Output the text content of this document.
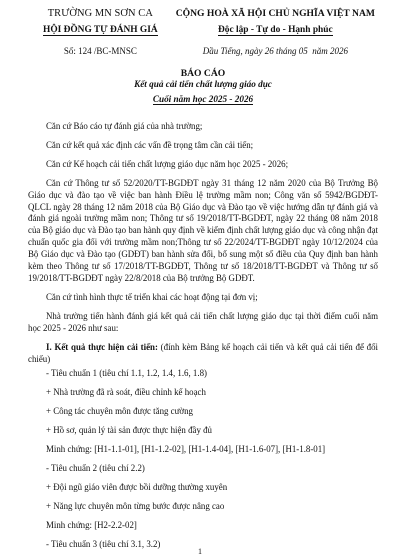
TRƯỜNG MN SƠN CA
HỘI ĐỒNG TỰ ĐÁNH GIÁ
CỘNG HOÀ XÃ HỘI CHỦ NGHĨA VIỆT NAM
Độc lập - Tự do - Hạnh phúc
Số: 124 /BC-MNSC	Dầu Tiếng, ngày 26 tháng 05 năm 2026
BÁO CÁO
Kết quả cải tiến chất lượng giáo dục
Cuối năm học 2025 - 2026

Căn cứ Báo cáo tự đánh giá của nhà trường;

Căn cứ kết quả xác định các vấn đề trọng tâm cần cải tiến;

Căn cứ Kế hoạch cải tiến chất lượng giáo dục năm học 2025 - 2026;

Căn cứ Thông tư số 52/2020/TT-BGDĐT ngày 31 tháng 12 năm 2020 của Bộ Trưởng Bộ Giáo dục và đào tạo về việc ban hành Điều lệ trường mầm non; Công văn số 5942/BGDĐT- QLCL ngày 28 tháng 12 năm 2018 của Bộ Giáo dục và Đào tạo về việc hướng dẫn tự đánh giá và đánh giá ngoài trường mầm non; Thông tư số 19/2018/TT-BGDĐT, ngày 22 tháng 08 năm 2018 của Bộ giáo dục và Đào tạo ban hành quy định về kiểm định chất lượng giáo dục và công nhận đạt chuẩn quốc gia đối với trường mầm non;Thông tư số 22/2024/TT-BGDĐT ngày 10/12/2024 của Bộ Giáo dục và Đào tạo (GDĐT) ban hành sửa đổi, bổ sung một số điều của Quy định ban hành kèm theo Thông tư số 17/2018/TT-BGDĐT, Thông tư số 18/2018/TT-BGDĐT và Thông tư số 19/2018/TT-BGDĐT ngày 22/8/2018 của Bộ trưởng Bộ GDĐT.

Căn cứ tình hình thực tế triển khai các hoạt động tại đơn vị;

Nhà trường tiến hành đánh giá kết quả cải tiến chất lượng giáo dục tại thời điểm cuối năm học 2025 - 2026 như sau:

I. Kết quả thực hiện cải tiến: (đính kèm Bảng kế hoạch cải tiến và kết quả cải tiến để đối chiếu)

- Tiêu chuẩn 1 (tiêu chí 1.1, 1.2, 1.4, 1.6, 1.8)

+ Nhà trường đã rà soát, điều chỉnh kế hoạch

+ Công tác chuyên môn được tăng cường

+ Hồ sơ, quản lý tài sản được thực hiện đầy đủ

Minh chứng: [H1-1.1-01], [H1-1.2-02], [H1-1.4-04], [H1-1.6-07], [H1-1.8-01]

- Tiêu chuẩn 2 (tiêu chí 2.2)

+ Đội ngũ giáo viên được bồi dưỡng thường xuyên

+ Năng lực chuyên môn từng bước được nâng cao

Minh chứng: [H2-2.2-02]

- Tiêu chuẩn 3 (tiêu chí 3.1, 3.2)

1
